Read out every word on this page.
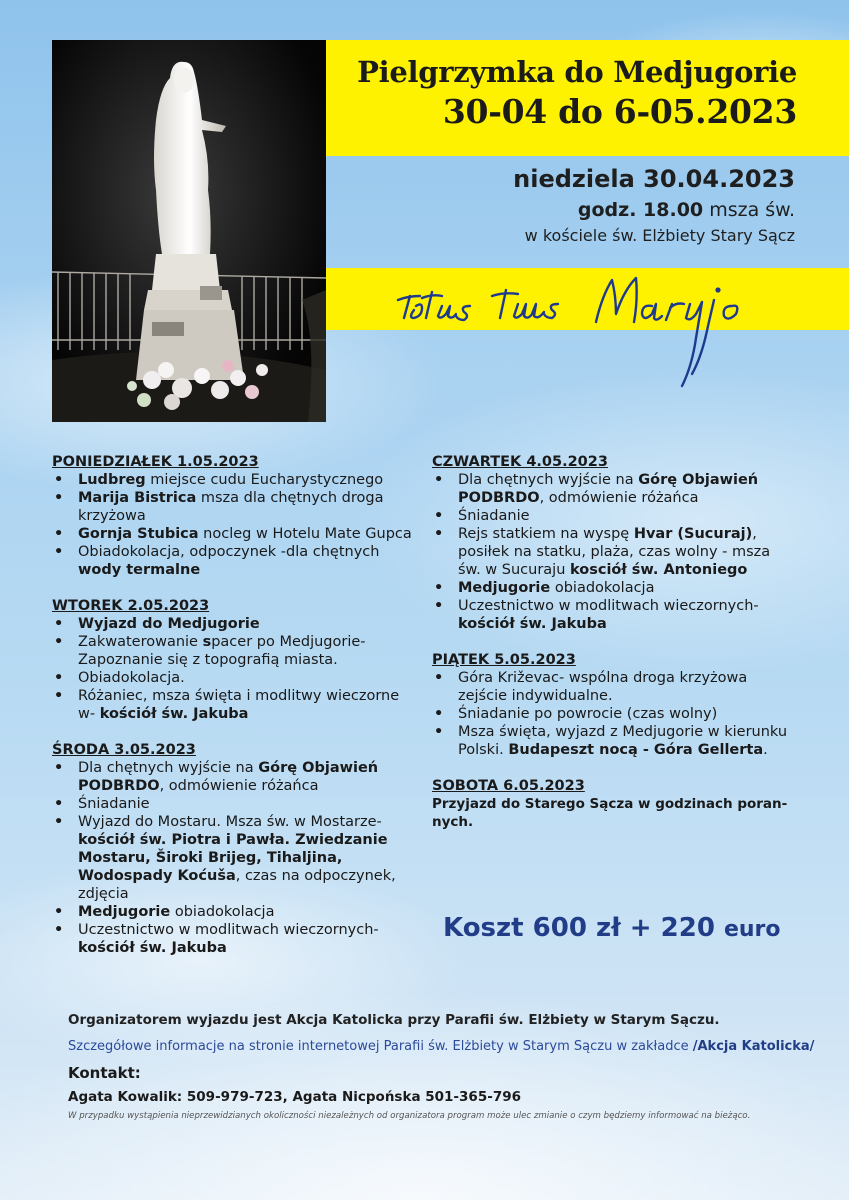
Pielgrzymka do Medjugorie
30-04 do 6-05.2023
niedziela 30.04.2023
godz. 18.00 msza św.
w kościele św. Elżbiety Stary Sącz
PONIEDZIAŁEK 1.05.2023
• Ludbreg miejsce cudu Eucharystycznego
• Marija Bistrica msza dla chętnych droga krzyżowa
• Gornja Stubica nocleg w Hotelu Mate Gupca
• Obiadokolacja, odpoczynek -dla chętnych wody termalne
WTOREK 2.05.2023
• Wyjazd do Medjugorie
• Zakwaterowanie spacer po Medjugorie- Zapoznanie się z topografią miasta.
• Obiadokolacja.
• Różaniec, msza święta i modlitwy wieczorne w- kościół św. Jakuba
ŚRODA 3.05.2023
• Dla chętnych wyjście na Górę Objawień PODBRDO, odmówienie różańca
• Śniadanie
• Wyjazd do Mostaru. Msza św. w Mostarze- kościół św. Piotra i Pawła. Zwiedzanie Mostaru, Široki Brijeg, Tihaljina, Wodospady Koćuša, czas na odpoczynek, zdjęcia
• Medjugorie obiadokolacja
• Uczestnictwo w modlitwach wieczornych- kościół św. Jakuba
CZWARTEK 4.05.2023
• Dla chętnych wyjście na Górę Objawień PODBRDO, odmówienie różańca
• Śniadanie
• Rejs statkiem na wyspę Hvar (Sucuraj), posiłek na statku, plaża, czas wolny - msza św. w Sucuraju kosciół św. Antoniego
• Medjugorie obiadokolacja
• Uczestnictwo w modlitwach wieczornych- kościół św. Jakuba
PIĄTEK 5.05.2023
• Góra Križevac- wspólna droga krzyżowa zejście indywidualne.
• Śniadanie po powrocie (czas wolny)
• Msza święta, wyjazd z Medjugorie w kierunku Polski. Budapeszt nocą - Góra Gellerta.
SOBOTA 6.05.2023
Przyjazd do Starego Sącza w godzinach poran-nych.
Koszt 600 zł + 220 euro
Organizatorem wyjazdu jest Akcja Katolicka przy Parafii św. Elżbiety w Starym Sączu.
Szczegółowe informacje na stronie internetowej Parafii św. Elżbiety w Starym Sączu w zakładce /Akcja Katolicka/
Kontakt:
Agata Kowalik: 509-979-723, Agata Nicpońska 501-365-796
W przypadku wystąpienia nieprzewidzianych okoliczności niezależnych od organizatora program może ulec zmianie o czym będziemy informować na bieżąco.
